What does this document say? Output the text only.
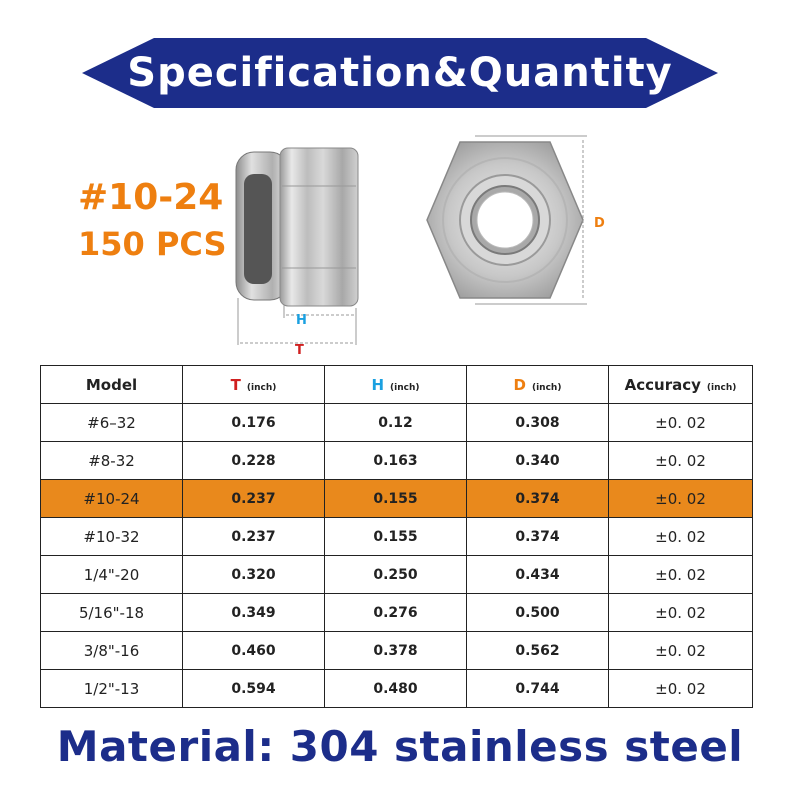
Specification&Quantity
#10-24
150 PCS
H
T
D
Model	T (inch)	H (inch)	D (inch)	Accuracy (inch)
#6–32	0.176	0.12	0.308	±0. 02
#8-32	0.228	0.163	0.340	±0. 02
#10-24	0.237	0.155	0.374	±0. 02
#10-32	0.237	0.155	0.374	±0. 02
1/4"-20	0.320	0.250	0.434	±0. 02
5/16"-18	0.349	0.276	0.500	±0. 02
3/8"-16	0.460	0.378	0.562	±0. 02
1/2"-13	0.594	0.480	0.744	±0. 02
Material: 304 stainless steel
